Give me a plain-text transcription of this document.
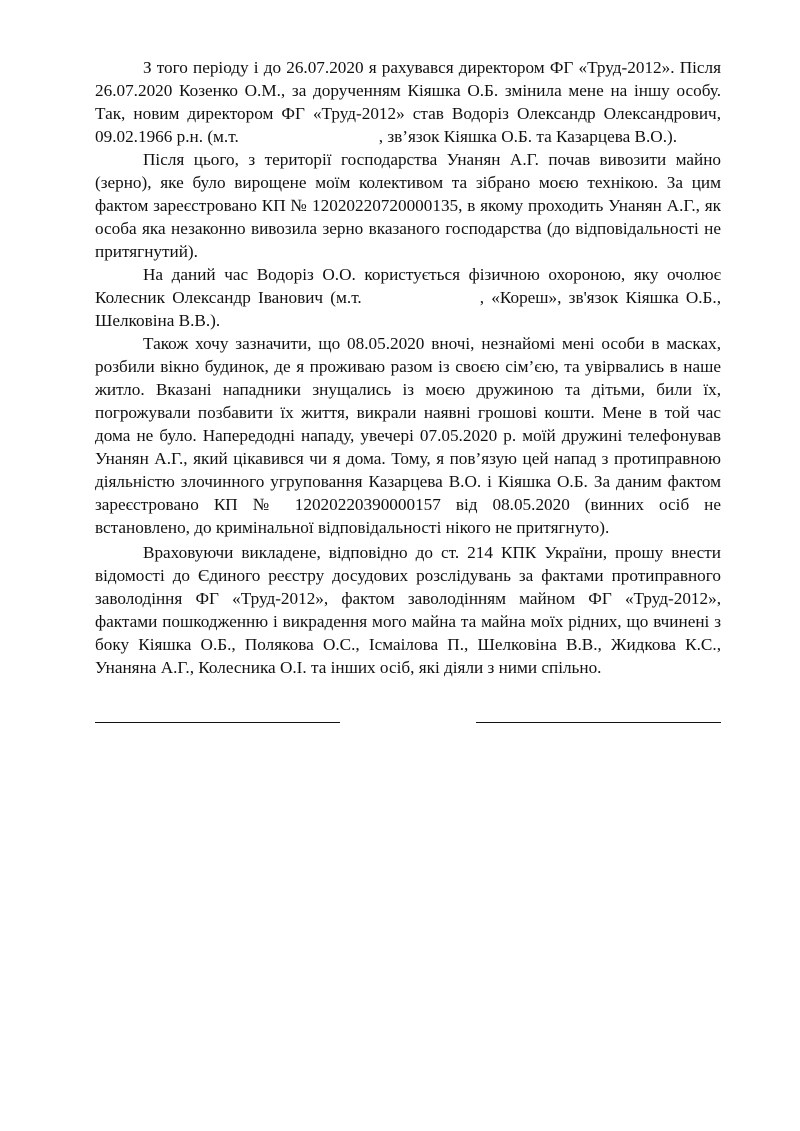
З того періоду і до 26.07.2020 я рахувався директором ФГ «Труд-2012». Після 26.07.2020 Козенко О.М., за дорученням Кіяшка О.Б. змінила мене на іншу особу. Так, новим директором ФГ «Труд-2012» став Водоріз Олександр Олександрович, 09.02.1966 р.н. (м.т.	, зв’язок Кіяшка О.Б. та Казарцева В.О.).

Після цього, з території господарства Унанян А.Г. почав вивозити майно (зерно), яке було вирощене моїм колективом та зібрано моєю технікою. За цим фактом зареєстровано КП № 12020220720000135, в якому проходить Унанян А.Г., як особа яка незаконно вивозила зерно вказаного господарства (до відповідальності не притягнутий).

На даний час Водоріз О.О. користується фізичною охороною, яку очолює Колесник Олександр Іванович (м.т.	, «Кореш», зв'язок Кіяшка О.Б., Шелковіна В.В.).

Також хочу зазначити, що 08.05.2020 вночі, незнайомі мені особи в масках, розбили вікно будинок, де я проживаю разом із своєю сім’єю, та увірвались в наше житло. Вказані нападники знущались із моєю дружиною та дітьми, били їх, погрожували позбавити їх життя, викрали наявні грошові кошти. Мене в той час дома не було. Напередодні нападу, увечері 07.05.2020 р. моїй дружині телефонував Унанян А.Г., який цікавився чи я дома. Тому, я пов’язую цей напад з протиправною діяльністю злочинного угруповання Казарцева В.О. і Кіяшка О.Б. За даним фактом зареєстровано КП № 12020220390000157 від 08.05.2020 (винних осіб не встановлено, до кримінальної відповідальності нікого не притягнуто).

Враховуючи викладене, відповідно до ст. 214 КПК України, прошу внести відомості до Єдиного реєстру досудових розслідувань за фактами протиправного заволодіння ФГ «Труд-2012», фактом заволодінням майном ФГ «Труд-2012», фактами пошкодженню і викрадення мого майна та майна моїх рідних, що вчинені з боку Кіяшка О.Б., Полякова О.С., Ісмаілова П., Шелковіна В.В., Жидкова К.С., Унаняна А.Г., Колесника О.І. та інших осіб, які діяли з ними спільно.
